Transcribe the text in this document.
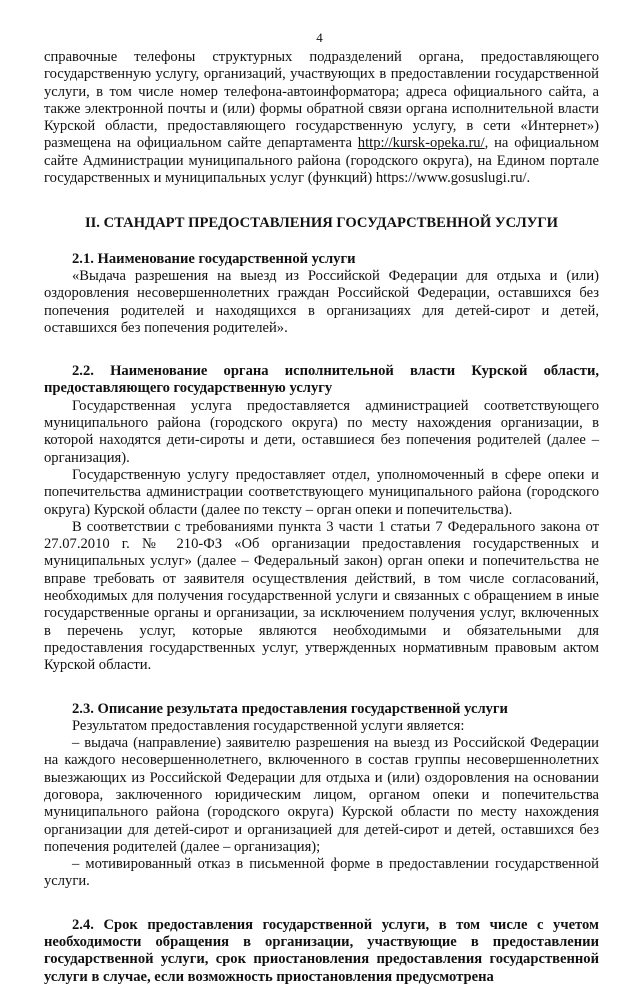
4

справочные телефоны структурных подразделений органа, предоставляющего государственную услугу, организаций, участвующих в предоставлении государственной услуги, в том числе номер телефона-автоинформатора; адреса официального сайта, а также электронной почты и (или) формы обратной связи органа исполнительной власти Курской области, предоставляющего государственную услугу, в сети «Интернет») размещена на официальном сайте департамента http://kursk-opeka.ru/, на официальном сайте Администрации муниципального района (городского округа), на Едином портале государственных и муниципальных услуг (функций) https://www.gosuslugi.ru/.

II. СТАНДАРТ ПРЕДОСТАВЛЕНИЯ ГОСУДАРСТВЕННОЙ УСЛУГИ

2.1. Наименование государственной услуги

«Выдача разрешения на выезд из Российской Федерации для отдыха и (или) оздоровления несовершеннолетних граждан Российской Федерации, оставшихся без попечения родителей и находящихся в организациях для детей-сирот и детей, оставшихся без попечения родителей».

2.2. Наименование органа исполнительной власти Курской области, предоставляющего государственную услугу

Государственная услуга предоставляется администрацией соответствующего муниципального района (городского округа) по месту нахождения организации, в которой находятся дети-сироты и дети, оставшиеся без попечения родителей (далее – организация).

Государственную услугу предоставляет отдел, уполномоченный в сфере опеки и попечительства администрации соответствующего муниципального района (городского округа) Курской области (далее по тексту – орган опеки и попечительства).

В соответствии с требованиями пункта 3 части 1 статьи 7 Федерального закона от 27.07.2010 г. № 210-ФЗ «Об организации предоставления государственных и муниципальных услуг» (далее – Федеральный закон) орган опеки и попечительства не вправе требовать от заявителя осуществления действий, в том числе согласований, необходимых для получения государственной услуги и связанных с обращением в иные государственные органы и организации, за исключением получения услуг, включенных в перечень услуг, которые являются необходимыми и обязательными для предоставления государственных услуг, утвержденных нормативным правовым актом Курской области.

2.3. Описание результата предоставления государственной услуги

Результатом предоставления государственной услуги является:

– выдача (направление) заявителю разрешения на выезд из Российской Федерации на каждого несовершеннолетнего, включенного в состав группы несовершеннолетних выезжающих из Российской Федерации для отдыха и (или) оздоровления на основании договора, заключенного юридическим лицом, органом опеки и попечительства муниципального района (городского округа) Курской области по месту нахождения организации для детей-сирот и организацией для детей-сирот и детей, оставшихся без попечения родителей (далее – организация);

– мотивированный отказ в письменной форме в предоставлении государственной услуги.

2.4. Срок предоставления государственной услуги, в том числе с учетом необходимости обращения в организации, участвующие в предоставлении государственной услуги, срок приостановления предоставления государственной услуги в случае, если возможность приостановления предусмотрена
